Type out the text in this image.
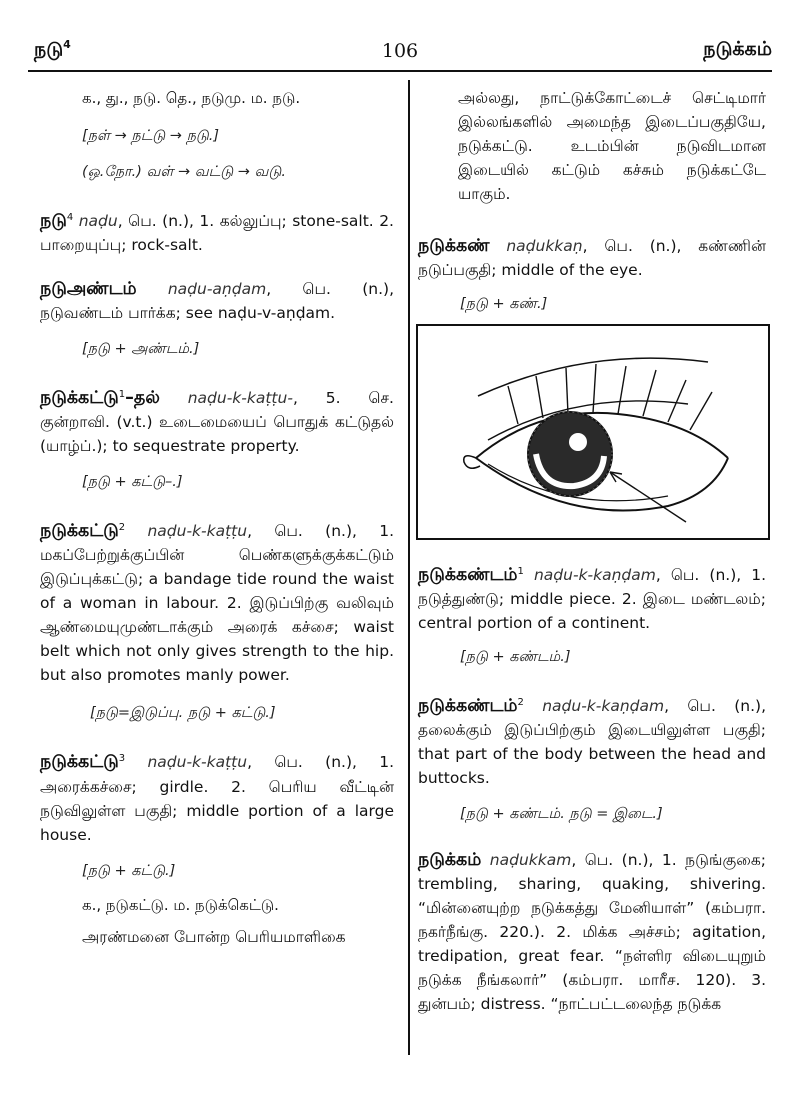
நடு$^4$	106	நடுக்கம்

க., து., நடு. தெ., நடுமு. ம. நடு.

[நள் → நட்டு → நடு.]

(ஒ.நோ.) வள் → வட்டு → வடு.

நடு$^4$ naḍu, பெ. (n.), 1. கல்லுப்பு; stone-salt. 2. பாறையுப்பு; rock-salt.

நடுஅண்டம் naḍu-aṇḍam, பெ. (n.), நடுவண்டம் பார்க்க; see naḍu-v-aṇḍam.

[நடு + அண்டம்.]

நடுக்கட்டு$^1$–தல் naḍu-k-kaṭṭu-, 5. செ. குன்றாவி. (v.t.) உடைமையைப் பொதுக் கட்டுதல் (யாழ்ப்.); to sequestrate property.

[நடு + கட்டு–.]

நடுக்கட்டு$^2$ naḍu-k-kaṭṭu, பெ. (n.), 1. மகப்பேற்றுக்குப்பின் பெண்களுக்குக்கட்டும் இடுப்புக்கட்டு; a bandage tide round the waist of a woman in labour. 2. இடுப்பிற்கு வலிவும் ஆண்மையுமுண்டாக்கும் அரைக் கச்சை; waist belt which not only gives strength to the hip. but also promotes manly power.

[நடு=இடுப்பு. நடு + கட்டு.]

நடுக்கட்டு$^3$ naḍu-k-kaṭṭu, பெ. (n.), 1. அரைக்கச்சை; girdle. 2. பெரிய வீட்டின் நடுவிலுள்ள பகுதி; middle portion of a large house.

[நடு + கட்டு.]

க., நடுகட்டு. ம. நடுக்கெட்டு.

அரண்மனை போன்ற பெரியமாளிகை

அல்லது, நாட்டுக்கோட்டைச் செட்டிமார் இல்லங்களில் அமைந்த இடைப்பகுதியே, நடுக்கட்டு. உடம்பின் நடுவிடமான இடையில் கட்டும் கச்சும் நடுக்கட்டே யாகும்.

நடுக்கண் naḍukkaṇ, பெ. (n.), கண்ணின் நடுப்பகுதி; middle of the eye.

[நடு + கண்.]

நடுக்கண்டம்$^1$ naḍu-k-kaṇḍam, பெ. (n.), 1. நடுத்துண்டு; middle piece. 2. இடை மண்டலம்; central portion of a continent.

[நடு + கண்டம்.]

நடுக்கண்டம்$^2$ naḍu-k-kaṇḍam, பெ. (n.), தலைக்கும் இடுப்பிற்கும் இடையிலுள்ள பகுதி; that part of the body between the head and buttocks.

[நடு + கண்டம். நடு = இடை.]

நடுக்கம் naḍukkam, பெ. (n.), 1. நடுங்குகை; trembling, sharing, quaking, shivering. “மின்னையுற்ற நடுக்கத்து மேனியாள்” (கம்பரா. நகர்நீங்கு. 220.). 2. மிக்க அச்சம்; agitation, tredipation, great fear. “நள்ளிர விடையுறும் நடுக்க நீங்கலார்” (கம்பரா. மாரீச. 120). 3. துன்பம்; distress. “நாட்பட்டலைந்த நடுக்க
